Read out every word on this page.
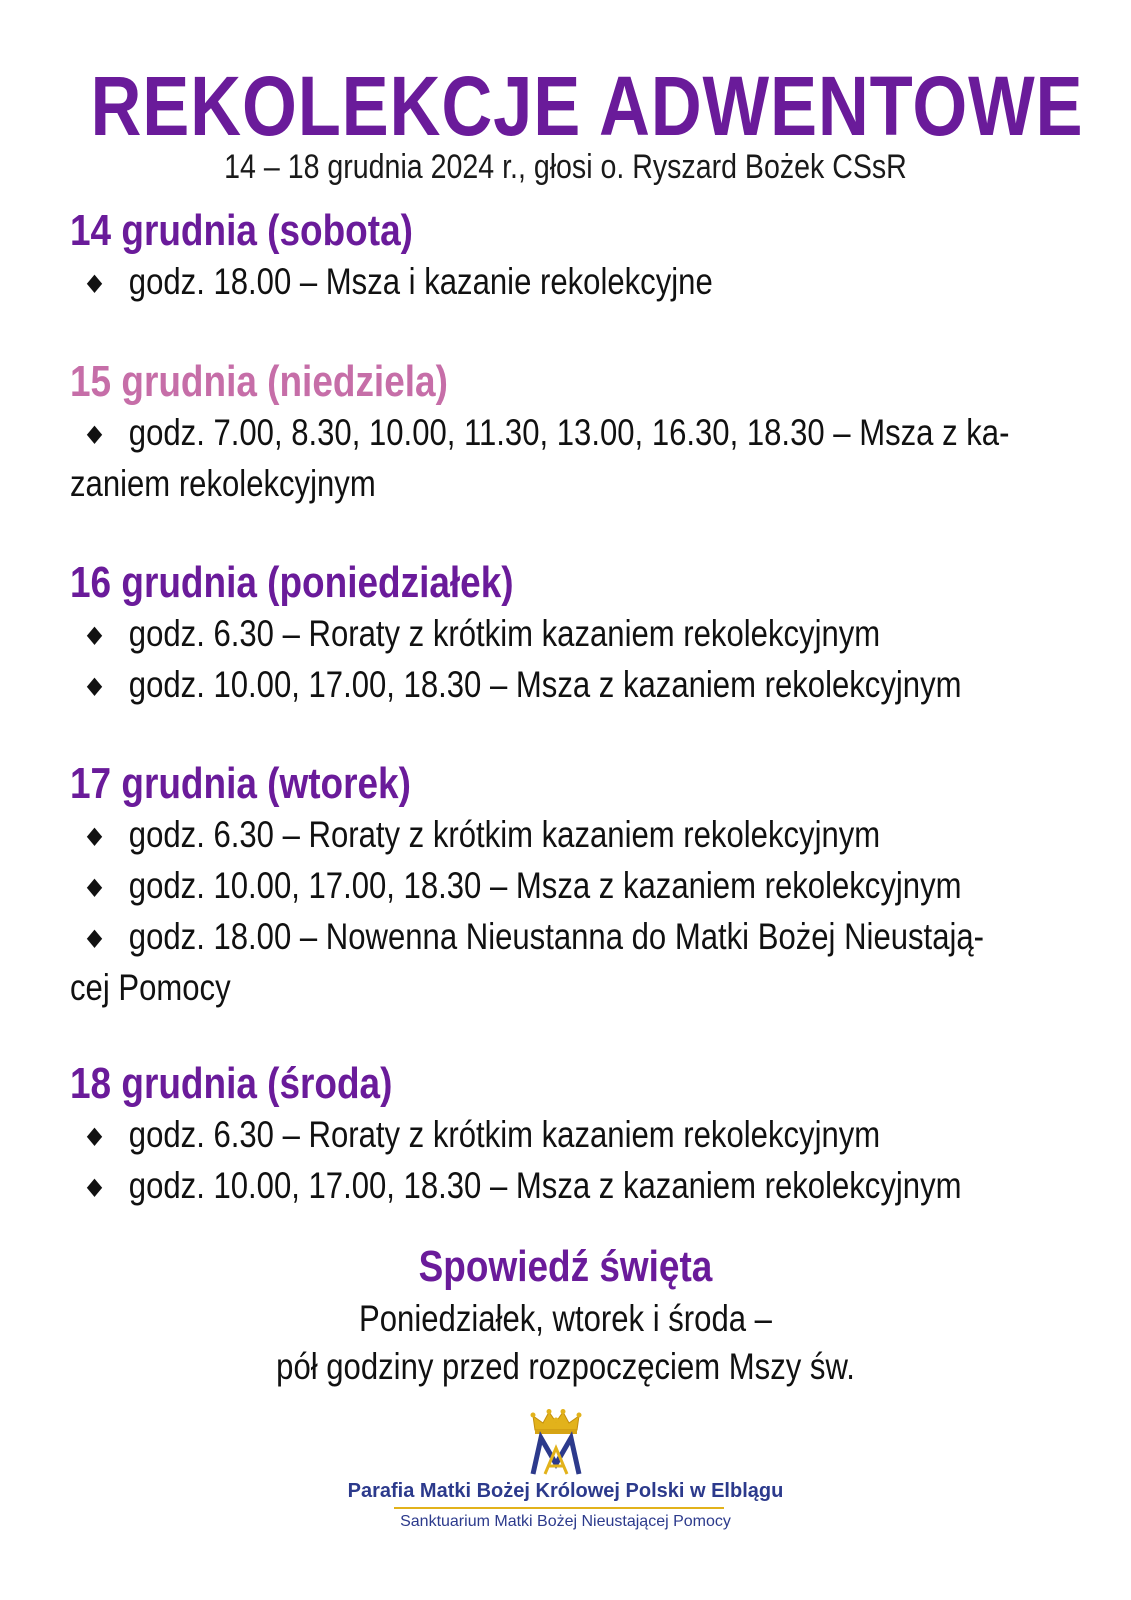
REKOLEKCJE ADWENTOWE
14 – 18 grudnia 2024 r., głosi o. Ryszard Bożek CSsR
14 grudnia (sobota)
◆ godz. 18.00 – Msza i kazanie rekolekcyjne
15 grudnia (niedziela)
◆ godz. 7.00, 8.30, 10.00, 11.30, 13.00, 16.30, 18.30 – Msza z ka-
zaniem rekolekcyjnym
16 grudnia (poniedziałek)
◆ godz. 6.30 – Roraty z krótkim kazaniem rekolekcyjnym
◆ godz. 10.00, 17.00, 18.30 – Msza z kazaniem rekolekcyjnym
17 grudnia (wtorek)
◆ godz. 6.30 – Roraty z krótkim kazaniem rekolekcyjnym
◆ godz. 10.00, 17.00, 18.30 – Msza z kazaniem rekolekcyjnym
◆ godz. 18.00 – Nowenna Nieustanna do Matki Bożej Nieustają-
cej Pomocy
18 grudnia (środa)
◆ godz. 6.30 – Roraty z krótkim kazaniem rekolekcyjnym
◆ godz. 10.00, 17.00, 18.30 – Msza z kazaniem rekolekcyjnym
Spowiedź święta
Poniedziałek, wtorek i środa –
pół godziny przed rozpoczęciem Mszy św.
Parafia Matki Bożej Królowej Polski w Elblągu
Sanktuarium Matki Bożej Nieustającej Pomocy
